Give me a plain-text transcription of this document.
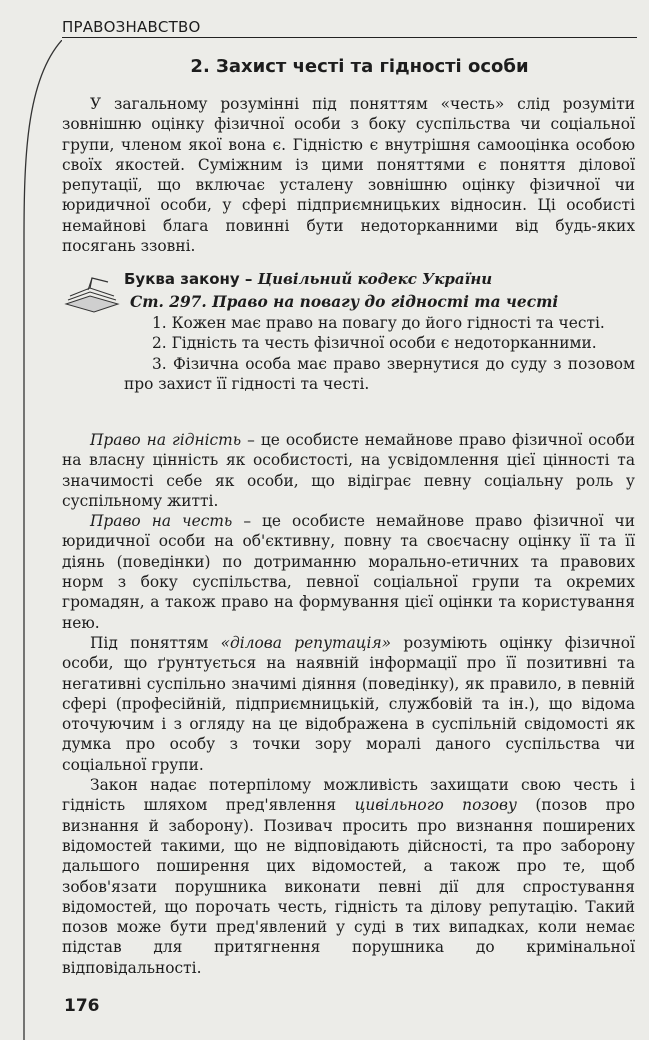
ПРАВОЗНАВСТВО
2. Захист честі та гідності особи

У загальному розумінні під поняттям «честь» слід розуміти зовнішню оцінку фізичної особи з боку суспільства чи соціальної групи, членом якої вона є. Гідністю є внутрішня самооцінка особою своїх якостей. Суміжним із цими поняттями є поняття ділової репутації, що включає усталену зовнішню оцінку фізичної чи юридичної особи, у сфері підприємницьких відносин. Ці особисті немайнові блага повинні бути недоторканними від будь-яких посягань ззовні.

Буква закону – Цивільний кодекс України

Ст. 297. Право на повагу до гідності та честі

1. Кожен має право на повагу до його гідності та честі.

2. Гідність та честь фізичної особи є недоторканними.

3. Фізична особа має право звернутися до суду з позовом про захист її гідності та честі.

Право на гідність – це особисте немайнове право фізичної особи на власну цінність як особистості, на усвідомлення цієї цінності та значимості себе як особи, що відіграє певну соціальну роль у суспільному житті.

Право на честь – це особисте немайнове право фізичної чи юридичної особи на об'єктивну, повну та своєчасну оцінку її та її діянь (поведінки) по дотриманню морально-етичних та правових норм з боку суспільства, певної соціальної групи та окремих громадян, а також право на формування цієї оцінки та користування нею.

Під поняттям «ділова репутація» розуміють оцінку фізичної особи, що ґрунтується на наявній інформації про її позитивні та негативні суспільно значимі діяння (поведінку), як правило, в певній сфері (професійній, підприємницькій, службовій та ін.), що відома оточуючим і з огляду на це відображена в суспільній свідомості як думка про особу з точки зору моралі даного суспільства чи соціальної групи.

Закон надає потерпілому можливість захищати свою честь і гідність шляхом пред'явлення цивільного позову (позов про визнання й заборону). Позивач просить про визнання поширених відомостей такими, що не відповідають дійсності, та про заборону дальшого поширення цих відомостей, а також про те, щоб зобов'язати порушника виконати певні дії для спростування відомостей, що порочать честь, гідність та ділову репутацію. Такий позов може бути пред'явлений у суді в тих випадках, коли немає підстав для притягнення порушника до кримінальної відповідальності.

176
